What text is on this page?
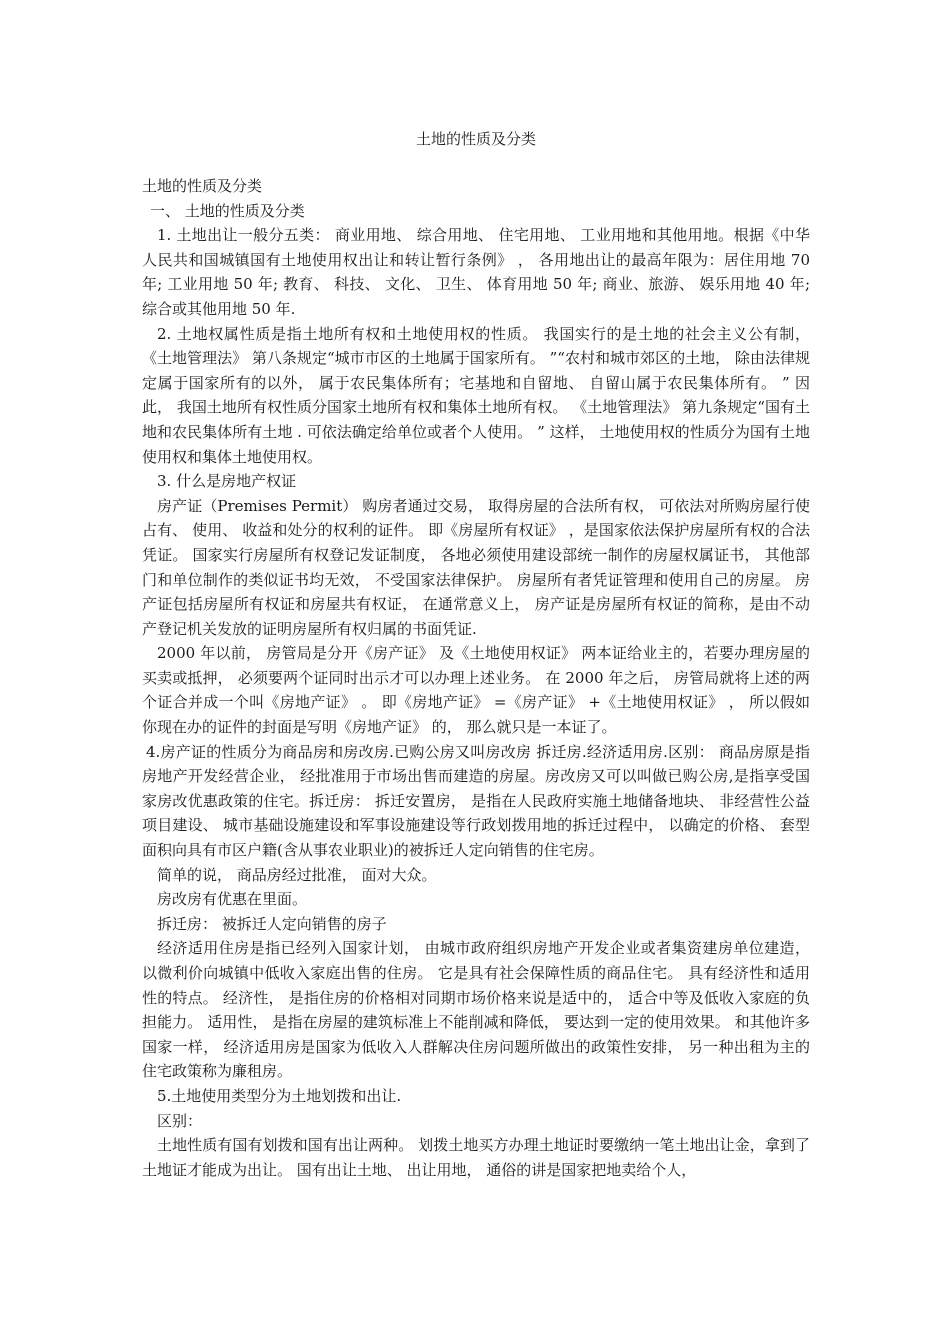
土地的性质及分类

土地的性质及分类

一、 土地的性质及分类

1. 土地出让一般分五类： 商业用地、 综合用地、 住宅用地、 工业用地和其他用地。根据《中华人民共和国城镇国有土地使用权出让和转让暂行条例》 ， 各用地出让的最高年限为：居住用地 70 年; 工业用地 50 年; 教育、 科技、 文化、 卫生、 体育用地 50 年; 商业、旅游、 娱乐用地 40 年; 综合或其他用地 50 年.

2. 土地权属性质是指土地所有权和土地使用权的性质。 我国实行的是土地的社会主义公有制， 《土地管理法》 第八条规定“城市市区的土地属于国家所有。 ”“农村和城市郊区的土地， 除由法律规定属于国家所有的以外， 属于农民集体所有；宅基地和自留地、 自留山属于农民集体所有。 ” 因此， 我国土地所有权性质分国家土地所有权和集体土地所有权。 《土地管理法》 第九条规定“国有土地和农民集体所有土地 . 可依法确定给单位或者个人使用。 ” 这样， 土地使用权的性质分为国有土地使用权和集体土地使用权。

3. 什么是房地产权证

房产证（Premises Permit） 购房者通过交易， 取得房屋的合法所有权， 可依法对所购房屋行使占有、 使用、 收益和处分的权利的证件。 即《房屋所有权证》 ，是国家依法保护房屋所有权的合法凭证。 国家实行房屋所有权登记发证制度， 各地必须使用建设部统一制作的房屋权属证书， 其他部门和单位制作的类似证书均无效， 不受国家法律保护。 房屋所有者凭证管理和使用自己的房屋。 房产证包括房屋所有权证和房屋共有权证， 在通常意义上， 房产证是房屋所有权证的简称，是由不动产登记机关发放的证明房屋所有权归属的书面凭证.

2000 年以前， 房管局是分开《房产证》 及《土地使用权证》 两本证给业主的，若要办理房屋的买卖或抵押， 必须要两个证同时出示才可以办理上述业务。 在 2000 年之后， 房管局就将上述的两个证合并成一个叫《房地产证》 。 即《房地产证》 =《房产证》 +《土地使用权证》 ， 所以假如你现在办的证件的封面是写明《房地产证》 的， 那么就只是一本证了。

4.房产证的性质分为商品房和房改房.已购公房又叫房改房 拆迁房.经济适用房.区别： 商品房原是指房地产开发经营企业， 经批准用于市场出售而建造的房屋。房改房又可以叫做已购公房,是指享受国家房改优惠政策的住宅。拆迁房： 拆迁安置房， 是指在人民政府实施土地储备地块、 非经营性公益项目建设、 城市基础设施建设和军事设施建设等行政划拨用地的拆迁过程中， 以确定的价格、 套型面积向具有市区户籍(含从事农业职业)的被拆迁人定向销售的住宅房。

简单的说， 商品房经过批准， 面对大众。

房改房有优惠在里面。

拆迁房： 被拆迁人定向销售的房子

经济适用住房是指已经列入国家计划， 由城市政府组织房地产开发企业或者集资建房单位建造， 以微利价向城镇中低收入家庭出售的住房。 它是具有社会保障性质的商品住宅。 具有经济性和适用性的特点。 经济性， 是指住房的价格相对同期市场价格来说是适中的， 适合中等及低收入家庭的负担能力。 适用性， 是指在房屋的建筑标准上不能削减和降低， 要达到一定的使用效果。 和其他许多国家一样， 经济适用房是国家为低收入人群解决住房问题所做出的政策性安排， 另一种出租为主的住宅政策称为廉租房。

5.土地使用类型分为土地划拨和出让.

区别：

土地性质有国有划拨和国有出让两种。 划拨土地买方办理土地证时要缴纳一笔土地出让金，拿到了土地证才能成为出让。 国有出让土地、 出让用地， 通俗的讲是国家把地卖给个人，
